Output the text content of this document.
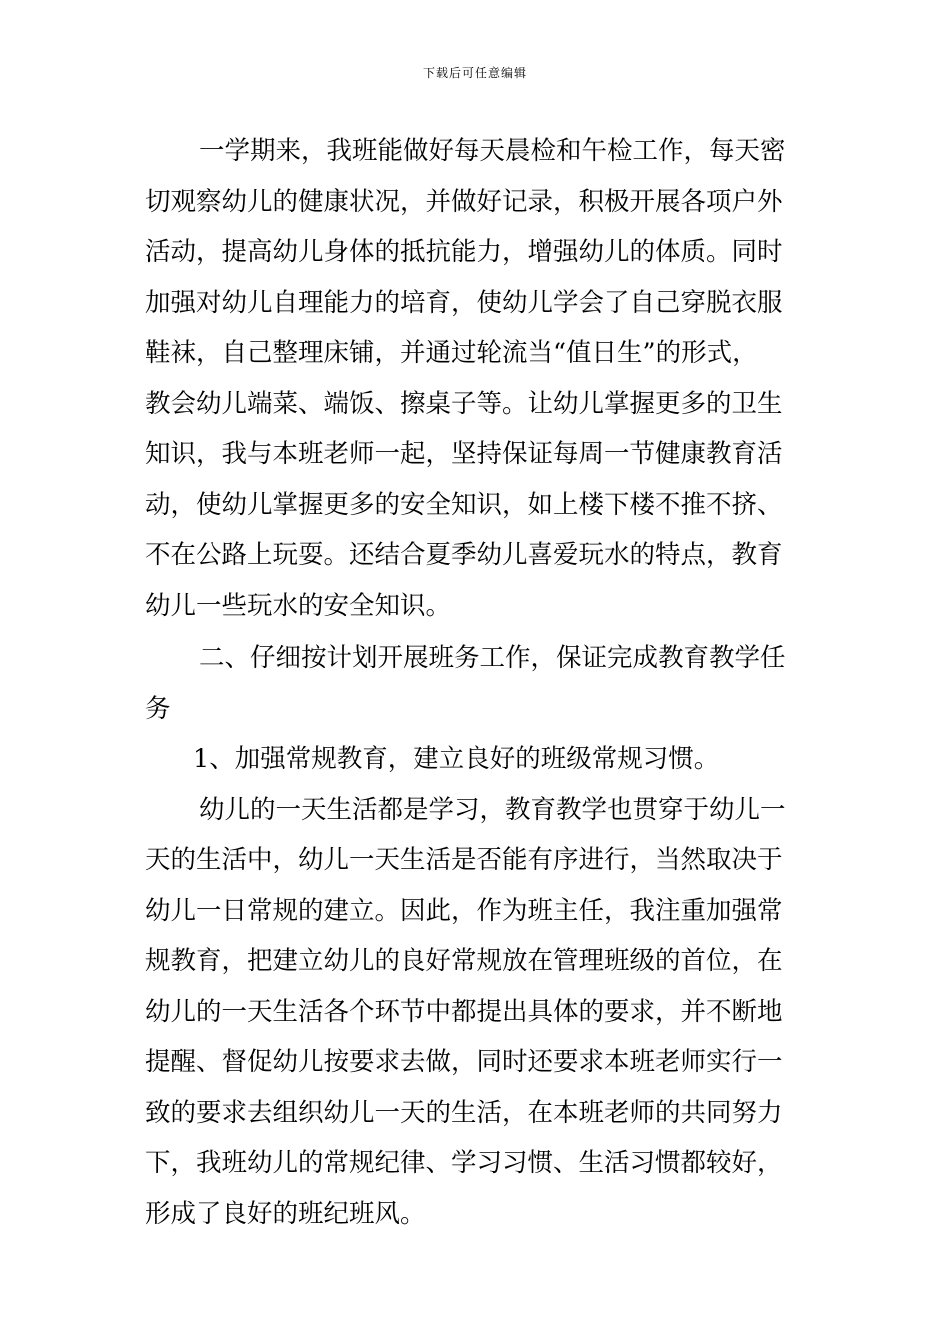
下载后可任意编辑
一学期来，我班能做好每天晨检和午检工作，每天密
切观察幼儿的健康状况，并做好记录，积极开展各项户外
活动，提高幼儿身体的抵抗能力，增强幼儿的体质。同时
加强对幼儿自理能力的培育，使幼儿学会了自己穿脱衣服
鞋袜，自己整理床铺，并通过轮流当“值日生”的形式，
教会幼儿端菜、端饭、擦桌子等。让幼儿掌握更多的卫生
知识，我与本班老师一起，坚持保证每周一节健康教育活
动，使幼儿掌握更多的安全知识，如上楼下楼不推不挤、
不在公路上玩耍。还结合夏季幼儿喜爱玩水的特点，教育
幼儿一些玩水的安全知识。
二、仔细按计划开展班务工作，保证完成教育教学任
务
1、加强常规教育，建立良好的班级常规习惯。
幼儿的一天生活都是学习，教育教学也贯穿于幼儿一
天的生活中，幼儿一天生活是否能有序进行，当然取决于
幼儿一日常规的建立。因此，作为班主任，我注重加强常
规教育，把建立幼儿的良好常规放在管理班级的首位，在
幼儿的一天生活各个环节中都提出具体的要求，并不断地
提醒、督促幼儿按要求去做，同时还要求本班老师实行一
致的要求去组织幼儿一天的生活，在本班老师的共同努力
下，我班幼儿的常规纪律、学习习惯、生活习惯都较好，
形成了良好的班纪班风。
